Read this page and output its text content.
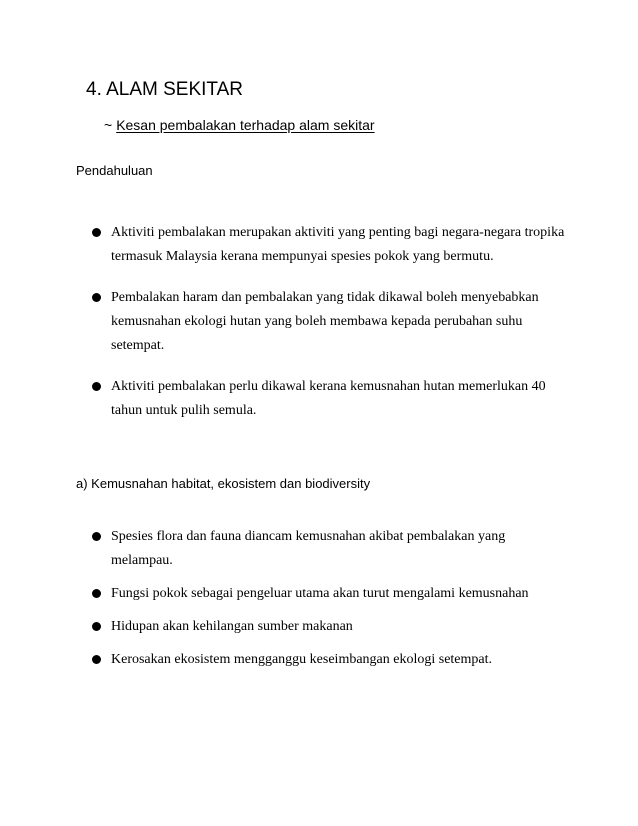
4. ALAM SEKITAR
~ Kesan pembalakan terhadap alam sekitar
Pendahuluan
Aktiviti pembalakan merupakan aktiviti yang penting bagi negara-negara tropika termasuk Malaysia kerana mempunyai spesies pokok yang bermutu.
Pembalakan haram dan pembalakan yang tidak dikawal boleh menyebabkan kemusnahan ekologi hutan yang boleh membawa kepada perubahan suhu setempat.
Aktiviti pembalakan perlu dikawal kerana kemusnahan hutan memerlukan 40 tahun untuk pulih semula.
a) Kemusnahan habitat, ekosistem dan biodiversity
Spesies flora dan fauna diancam kemusnahan akibat pembalakan yang melampau.
Fungsi pokok sebagai pengeluar utama akan turut mengalami kemusnahan
Hidupan akan kehilangan sumber makanan
Kerosakan ekosistem mengganggu keseimbangan ekologi setempat.
